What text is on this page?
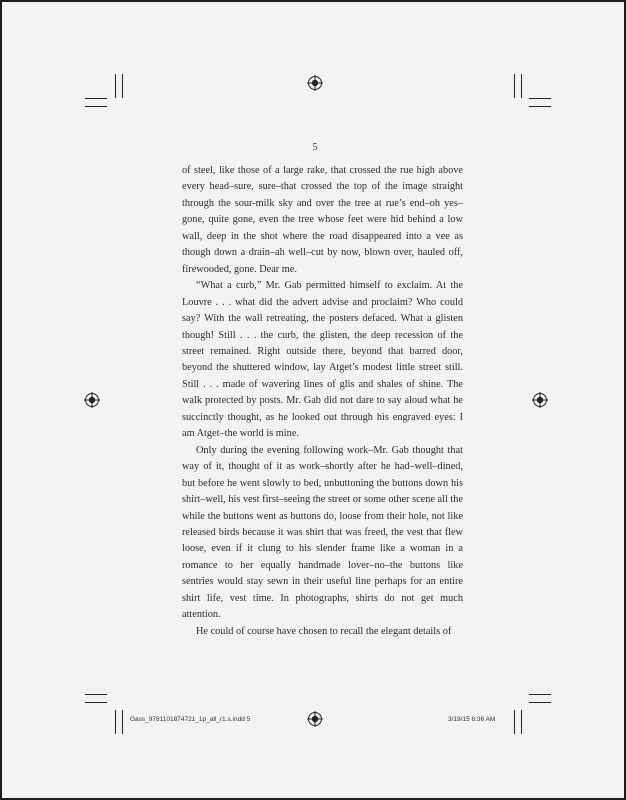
5

of steel, like those of a large rake, that crossed the rue high above every head–sure, sure–that crossed the top of the image straight through the sour-milk sky and over the tree at rue’s end–oh yes–gone, quite gone, even the tree whose feet were hid behind a low wall, deep in the shot where the road disappeared into a vee as though down a drain–ah well–cut by now, blown over, hauled off, firewooded, gone. Dear me.

“What a curb,” Mr. Gab permitted himself to exclaim. At the Louvre . . . what did the advert advise and proclaim? Who could say? With the wall retreating, the posters defaced. What a glisten though! Still . . . the curb, the glisten, the deep recession of the street remained. Right outside there, beyond that barred door, beyond the shuttered window, lay Atget’s modest little street still. Still . . . made of wavering lines of glis and shales of shine. The walk protected by posts. Mr. Gab did not dare to say aloud what he succinctly thought, as he looked out through his engraved eyes: I am Atget–the world is mine.

Only during the evening following work–Mr. Gab thought that way of it, thought of it as work–shortly after he had–well–dined, but before he went slowly to bed, unbuttoning the buttons down his shirt–well, his vest first–seeing the street or some other scene all the while the buttons went as buttons do, loose from their hole, not like released birds because it was shirt that was freed, the vest that flew loose, even if it clung to his slender frame like a woman in a romance to her equally handmade lover–no–the buttons like sentries would stay sewn in their useful line perhaps for an entire shirt life, vest time. In photographs, shirts do not get much attention.

He could of course have chosen to recall the elegant details of

Gass_9781101874721_1p_all_r1.s.indd 5	3/19/15 6:36 AM
